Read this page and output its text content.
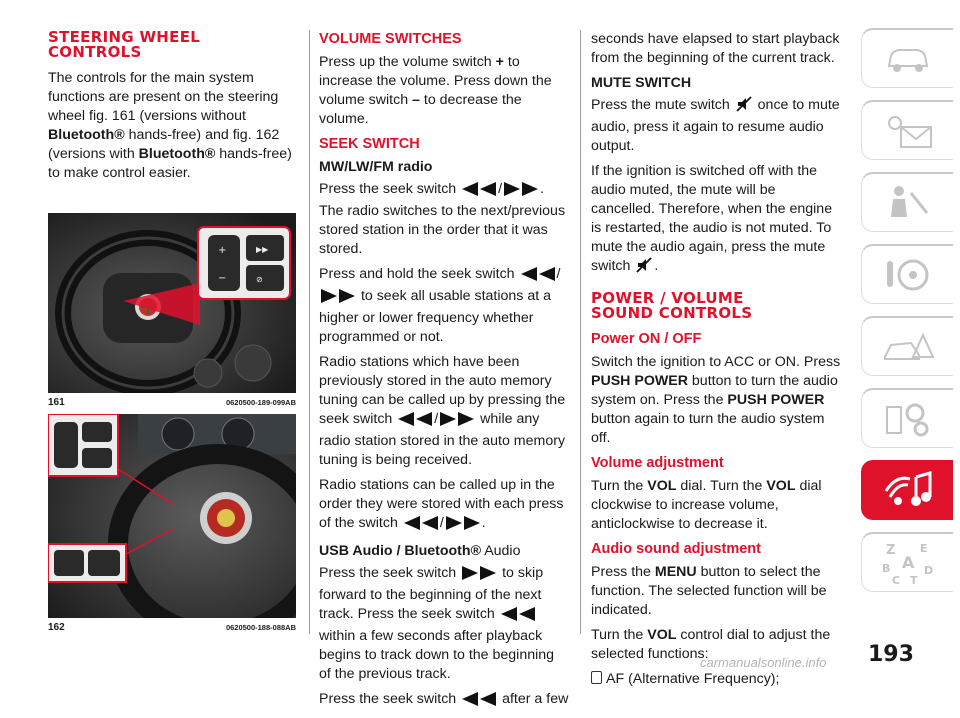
STEERING WHEEL
CONTROLS

The controls for the main system functions are present on the steering wheel fig. 161 (versions without Bluetooth® hands-free) and fig. 162 (versions with Bluetooth® hands-free) to make control easier.

+
−
▶▶
⊘
161	0620500-189-099AB
162	0620500-188-088AB
VOLUME SWITCHES

Press up the volume switch + to increase the volume. Press down the volume switch – to decrease the volume.

SEEK SWITCH
MW/LW/FM radio

Press the seek switch	/	.
The radio switches to the next/previous stored station in the order that it was stored.

Press and hold the seek switch	/ to seek all usable stations at a higher or lower frequency whether programmed or not.

Radio stations which have been previously stored in the auto memory tuning can be called up by pressing the seek switch	/	while any radio station stored in the auto memory tuning is being received.

Radio stations can be called up in the order they were stored with each press of the switch	/	.

USB Audio / Bluetooth® Audio

Press the seek switch	to skip forward to the beginning of the next track. Press the seek switch  within a few seconds after playback begins to track down to the beginning of the previous track.

Press the seek switch	after a few

seconds have elapsed to start playback from the beginning of the current track.

MUTE SWITCH

Press the mute switch  once to mute audio, press it again to resume audio output.

If the ignition is switched off with the audio muted, the mute will be cancelled. Therefore, when the engine is restarted, the audio is not muted. To mute the audio again, press the mute switch .

POWER / VOLUME
SOUND CONTROLS
Power ON / OFF

Switch the ignition to ACC or ON. Press PUSH POWER button to turn the audio system on. Press the PUSH POWER button again to turn the audio system off.

Volume adjustment

Turn the VOL dial. Turn the VOL dial clockwise to increase volume, anticlockwise to decrease it.

Audio sound adjustment

Press the MENU button to select the function. The selected function will be indicated.

Turn the VOL control dial to adjust the selected functions:

AF (Alternative Frequency);

Z E
A
B	D
C T
193
carmanualsonline.info
